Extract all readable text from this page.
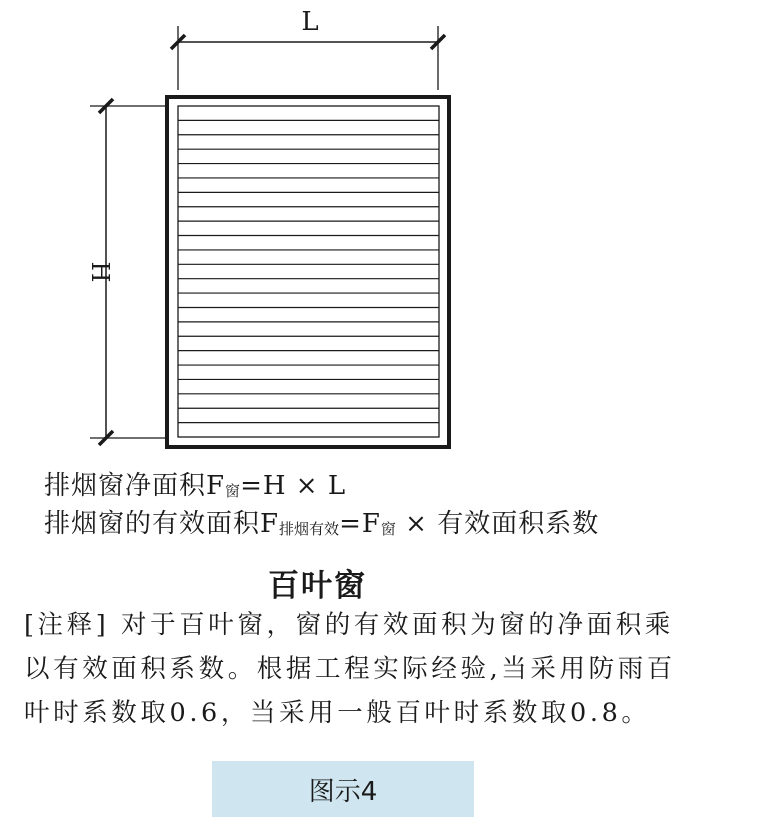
L
H
排烟窗净面积F窗=H × L
排烟窗的有效面积F排烟有效=F窗 × 有效面积系数
百叶窗
[注释] 对于百叶窗，窗的有效面积为窗的净面积乘
以有效面积系数。根据工程实际经验,当采用防雨百
叶时系数取0.6，当采用一般百叶时系数取0.8。
图示4
